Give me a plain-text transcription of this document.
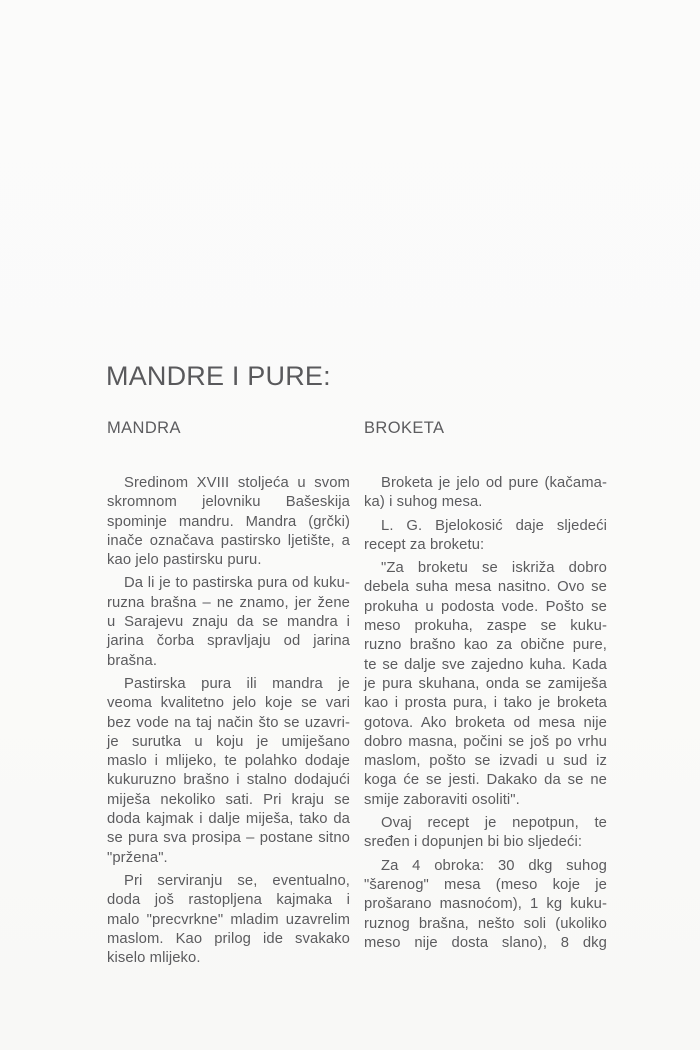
MANDRE I PURE:
MANDRA
Sredinom XVIII stoljeća u svom
skromnom jelovniku Bašeskija
spominje mandru. Mandra (grčki)
inače označava pastirsko ljetište, a
kao jelo pastirsku puru.
Da li je to pastirska pura od kuku-
ruzna brašna – ne znamo, jer žene
u Sarajevu znaju da se mandra i
jarina čorba spravljaju od jarina
brašna.
Pastirska pura ili mandra je
veoma kvalitetno jelo koje se vari
bez vode na taj način što se uzavri-
je surutka u koju je umiješano
maslo i mlijeko, te polahko dodaje
kukuruzno brašno i stalno dodajući
miješa nekoliko sati. Pri kraju se
doda kajmak i dalje miješa, tako da
se pura sva prosipa – postane sitno
"pržena".
Pri serviranju se, eventualno,
doda još rastopljena kajmaka i
malo "precvrkne" mladim uzavrelim
maslom. Kao prilog ide svakako
kiselo mlijeko.
BROKETA
Broketa je jelo od pure (kačama-
ka) i suhog mesa.
L. G. Bjelokosić daje sljedeći
recept za broketu:
"Za broketu se iskriža dobro
debela suha mesa nasitno. Ovo se
prokuha u podosta vode. Pošto se
meso prokuha, zaspe se kuku-
ruzno brašno kao za obične pure,
te se dalje sve zajedno kuha. Kada
je pura skuhana, onda se zamiješa
kao i prosta pura, i tako je broketa
gotova. Ako broketa od mesa nije
dobro masna, počini se još po vrhu
maslom, pošto se izvadi u sud iz
koga će se jesti. Dakako da se ne
smije zaboraviti osoliti".
Ovaj recept je nepotpun, te
sređen i dopunjen bi bio sljedeći:
Za 4 obroka: 30 dkg suhog
"šarenog" mesa (meso koje je
prošarano masnoćom), 1 kg kuku-
ruznog brašna, nešto soli (ukoliko
meso nije dosta slano), 8 dkg
